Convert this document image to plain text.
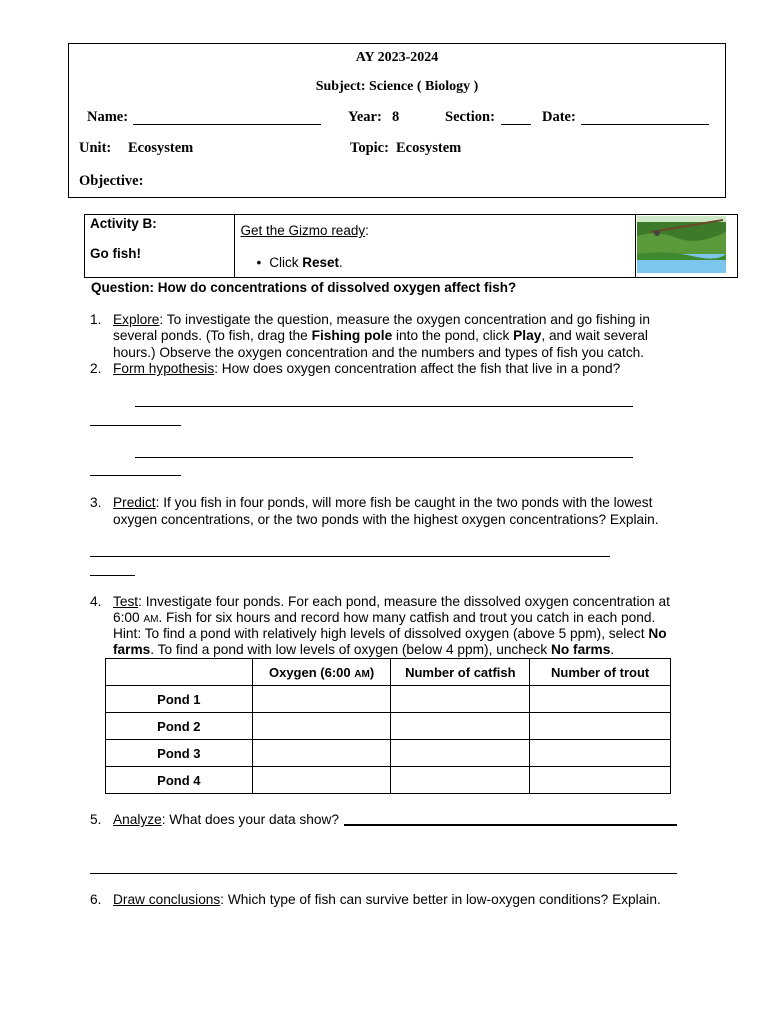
AY 2023-2024
Subject: Science ( Biology )
Name:	Year: 8	Section:	Date:
Unit: Ecosystem	Topic: Ecosystem
Objective:
Activity B:
Go fish!

Get the Gizmo ready:
• Click Reset.

Question: How do concentrations of dissolved oxygen affect fish?
1. Explore: To investigate the question, measure the oxygen concentration and go fishing in
several ponds. (To fish, drag the Fishing pole into the pond, click Play, and wait several
hours.) Observe the oxygen concentration and the numbers and types of fish you catch.
2. Form hypothesis: How does oxygen concentration affect the fish that live in a pond?
3. Predict: If you fish in four ponds, will more fish be caught in the two ponds with the lowest
oxygen concentrations, or the two ponds with the highest oxygen concentrations? Explain.
4. Test: Investigate four ponds. For each pond, measure the dissolved oxygen concentration at
6:00 AM. Fish for six hours and record how many catfish and trout you catch in each pond.
Hint: To find a pond with relatively high levels of dissolved oxygen (above 5 ppm), select No
farms. To find a pond with low levels of oxygen (below 4 ppm), uncheck No farms.
	Oxygen (6:00 AM)	Number of catfish	Number of trout
Pond 1			
Pond 2			
Pond 3			
Pond 4			
5. Analyze: What does your data show?
6. Draw conclusions: Which type of fish can survive better in low-oxygen conditions? Explain.
